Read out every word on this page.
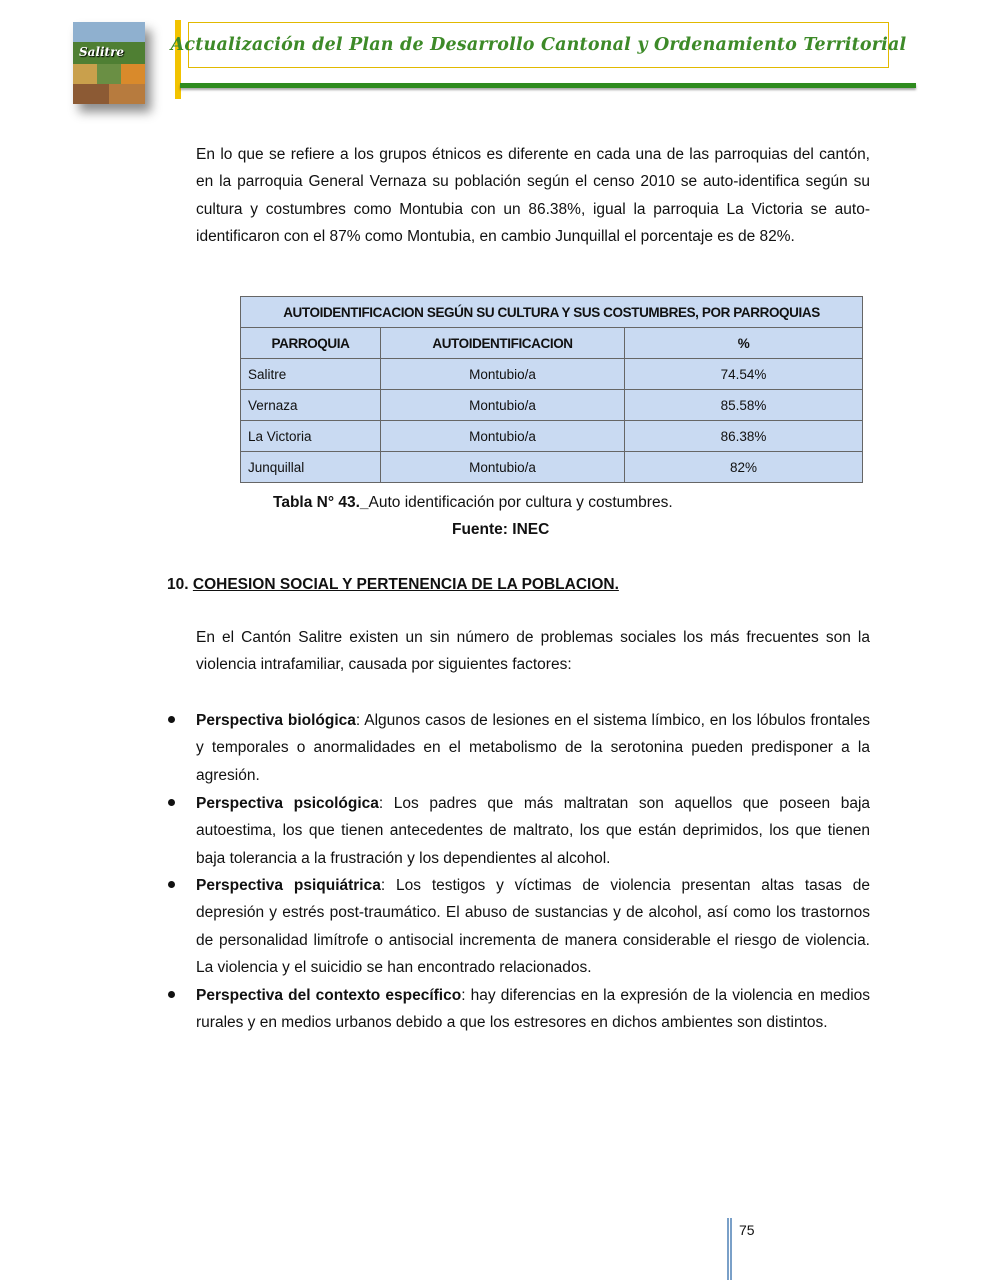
Salitre	Actualización del Plan de Desarrollo Cantonal y Ordenamiento Territorial

En lo que se refiere a los grupos étnicos es diferente en cada una de las parroquias del cantón, en la parroquia General Vernaza su población según el censo 2010 se auto-identifica según su cultura y costumbres como Montubia con un 86.38%, igual la parroquia La Victoria se auto-identificaron con el 87% como Montubia, en cambio Junquillal el porcentaje es de 82%.

AUTOIDENTIFICACION SEGÚN SU CULTURA Y SUS COSTUMBRES, POR PARROQUIAS		
PARROQUIA	AUTOIDENTIFICACION	%
Salitre	Montubio/a	74.54%
Vernaza	Montubio/a	85.58%
La Victoria	Montubio/a	86.38%
Junquillal	Montubio/a	82%
Tabla N° 43._Auto identificación por cultura y costumbres.
Fuente: INEC
10. COHESION SOCIAL Y PERTENENCIA DE LA POBLACION.

En el Cantón Salitre existen un sin número de problemas sociales los más frecuentes son la violencia intrafamiliar, causada por siguientes factores:

Perspectiva biológica: Algunos casos de lesiones en el sistema límbico, en los lóbulos frontales y temporales o anormalidades en el metabolismo de la serotonina pueden predisponer a la agresión.

Perspectiva psicológica: Los padres que más maltratan son aquellos que poseen baja autoestima, los que tienen antecedentes de maltrato, los que están deprimidos, los que tienen baja tolerancia a la frustración y los dependientes al alcohol.

Perspectiva psiquiátrica: Los testigos y víctimas de violencia presentan altas tasas de depresión y estrés post-traumático. El abuso de sustancias y de alcohol, así como los trastornos de personalidad limítrofe o antisocial incrementa de manera considerable el riesgo de violencia. La violencia y el suicidio se han encontrado relacionados.

Perspectiva del contexto específico: hay diferencias en la expresión de la violencia en medios rurales y en medios urbanos debido a que los estresores en dichos ambientes son distintos.

75
